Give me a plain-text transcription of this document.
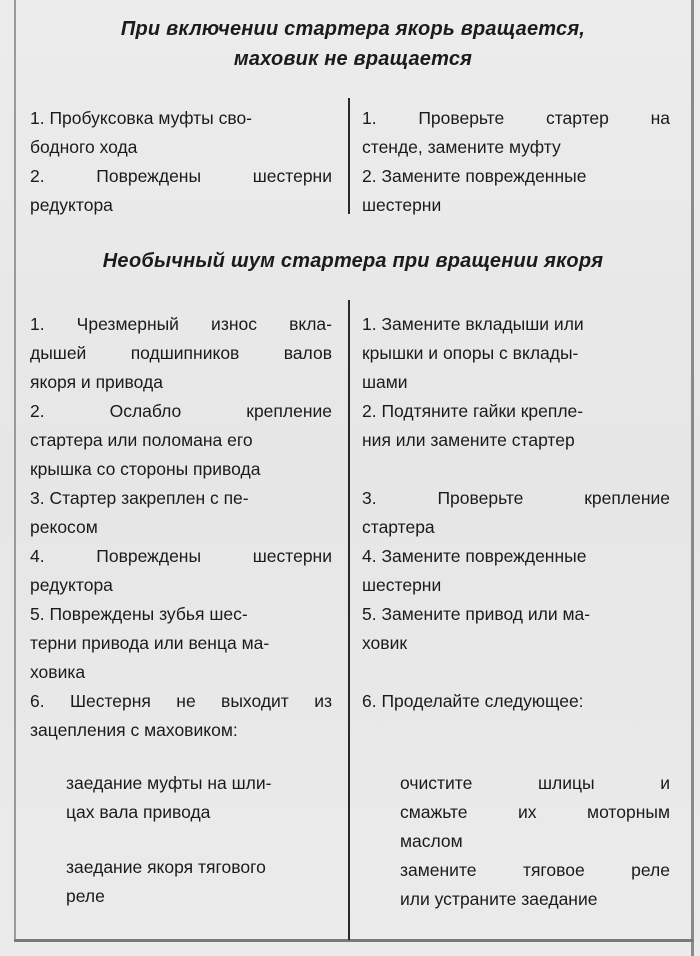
При включении стартера якорь вращается,
маховик не вращается

1. Пробуксовка муфты сво-

бодного хода

2. Повреждены шестерни

редуктора

1. Проверьте стартер на

стенде, замените муфту

2. Замените поврежденные

шестерни

Необычный шум стартера при вращении якоря

1. Чрезмерный износ вкла-

дышей подшипников валов

якоря и привода

2. Ослабло крепление

стартера или поломана его

крышка со стороны привода

3. Стартер закреплен с пе-

рекосом

4. Повреждены шестерни

редуктора

5. Повреждены зубья шес-

терни привода или венца ма-

ховика

6. Шестерня не выходит из

зацепления с маховиком:

заедание муфты на шли-

цах вала привода

заедание якоря тягового

реле

1. Замените вкладыши или

крышки и опоры с вклады-

шами

2. Подтяните гайки крепле-

ния или замените стартер

3. Проверьте крепление

стартера

4. Замените поврежденные

шестерни

5. Замените привод или ма-

ховик

6. Проделайте следующее:

очистите шлицы и

смажьте их моторным

маслом

замените тяговое реле

или устраните заедание
